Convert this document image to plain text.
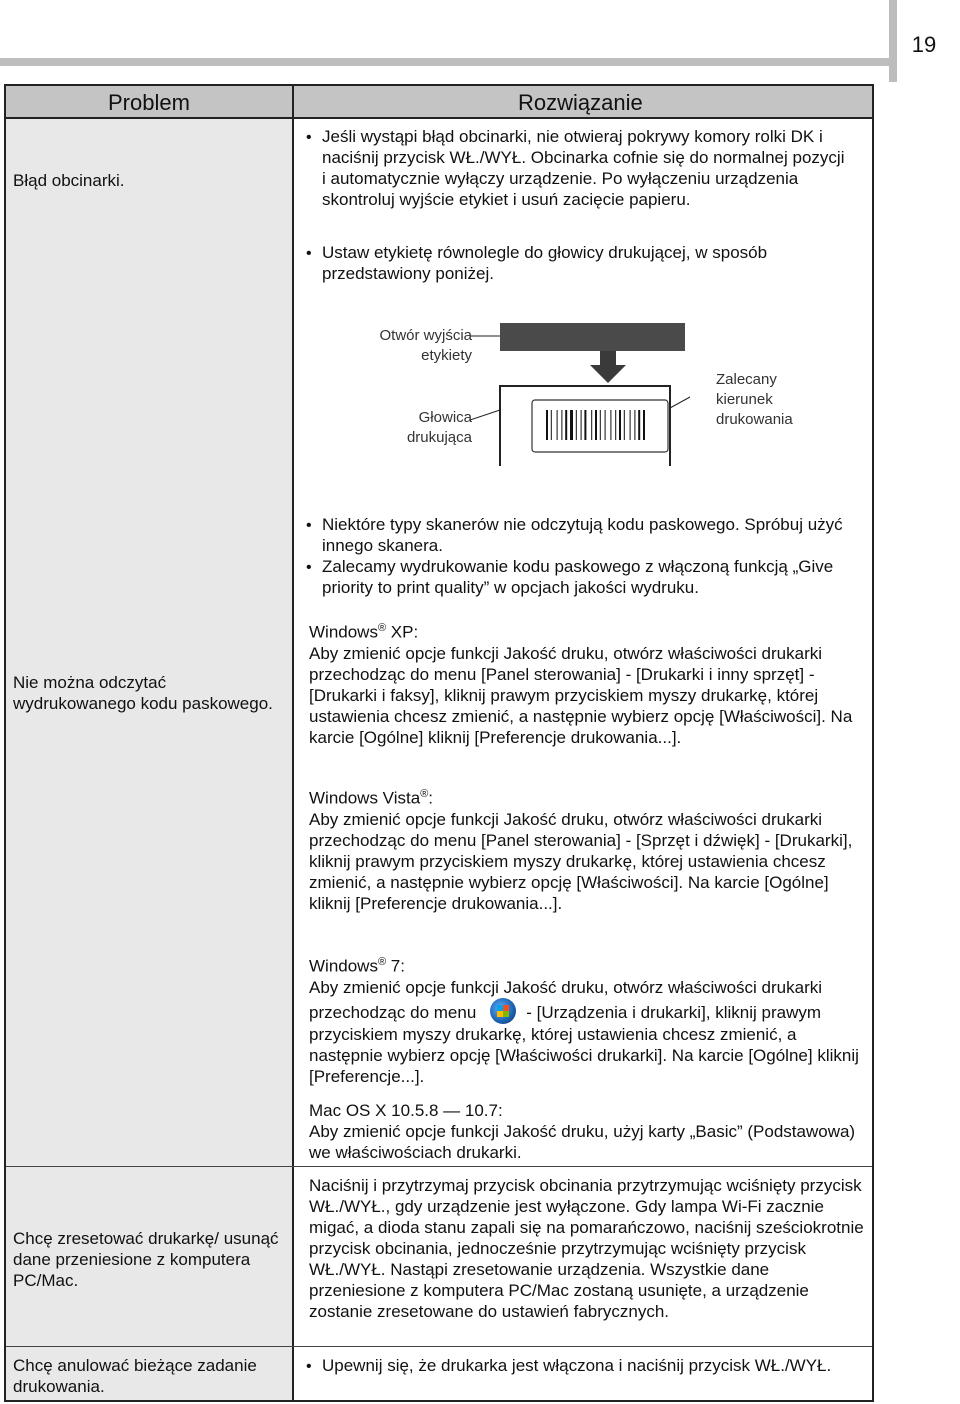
19
Problem	Rozwiązanie
Błąd obcinarki.
• Jeśli wystąpi błąd obcinarki, nie otwieraj pokrywy komory rolki DK i naciśnij przycisk WŁ./WYŁ. Obcinarka cofnie się do normalnej pozycji i automatycznie wyłączy urządzenie. Po wyłączeniu urządzenia skontroluj wyjście etykiet i usuń zacięcie papieru.
• Ustaw etykietę równolegle do głowicy drukującej, w sposób przedstawiony poniżej.
Otwór wyjścia
etykiety
Głowica
drukująca
Zalecany
kierunek
drukowania
Nie można odczytać wydrukowanego kodu paskowego.
• Niektóre typy skanerów nie odczytują kodu paskowego. Spróbuj użyć innego skanera.
• Zalecamy wydrukowanie kodu paskowego z włączoną funkcją „Give priority to print quality” w opcjach jakości wydruku.
Windows® XP:
Aby zmienić opcje funkcji Jakość druku, otwórz właściwości drukarki przechodząc do menu [Panel sterowania] - [Drukarki i inny sprzęt] - [Drukarki i faksy], kliknij prawym przyciskiem myszy drukarkę, której ustawienia chcesz zmienić, a następnie wybierz opcję [Właściwości]. Na karcie [Ogólne] kliknij [Preferencje drukowania...].
Windows Vista®:
Aby zmienić opcje funkcji Jakość druku, otwórz właściwości drukarki przechodząc do menu [Panel sterowania] - [Sprzęt i dźwięk] - [Drukarki], kliknij prawym przyciskiem myszy drukarkę, której ustawienia chcesz zmienić, a następnie wybierz opcję [Właściwości]. Na karcie [Ogólne] kliknij [Preferencje drukowania...].
Windows® 7:
Aby zmienić opcje funkcji Jakość druku, otwórz właściwości drukarki przechodząc do menu	- [Urządzenia i drukarki], kliknij prawym przyciskiem myszy drukarkę, której ustawienia chcesz zmienić, a następnie wybierz opcję [Właściwości drukarki]. Na karcie [Ogólne] kliknij [Preferencje...].
Mac OS X 10.5.8 — 10.7:
Aby zmienić opcje funkcji Jakość druku, użyj karty „Basic” (Podstawowa) we właściwościach drukarki.
Chcę zresetować drukarkę/ usunąć dane przeniesione z komputera PC/Mac.
Naciśnij i przytrzymaj przycisk obcinania przytrzymując wciśnięty przycisk WŁ./WYŁ., gdy urządzenie jest wyłączone. Gdy lampa Wi-Fi zacznie migać, a dioda stanu zapali się na pomarańczowo, naciśnij sześciokrotnie przycisk obcinania, jednocześnie przytrzymując wciśnięty przycisk WŁ./WYŁ. Nastąpi zresetowanie urządzenia. Wszystkie dane przeniesione z komputera PC/Mac zostaną usunięte, a urządzenie zostanie zresetowane do ustawień fabrycznych.
Chcę anulować bieżące zadanie drukowania.
• Upewnij się, że drukarka jest włączona i naciśnij przycisk WŁ./WYŁ.
